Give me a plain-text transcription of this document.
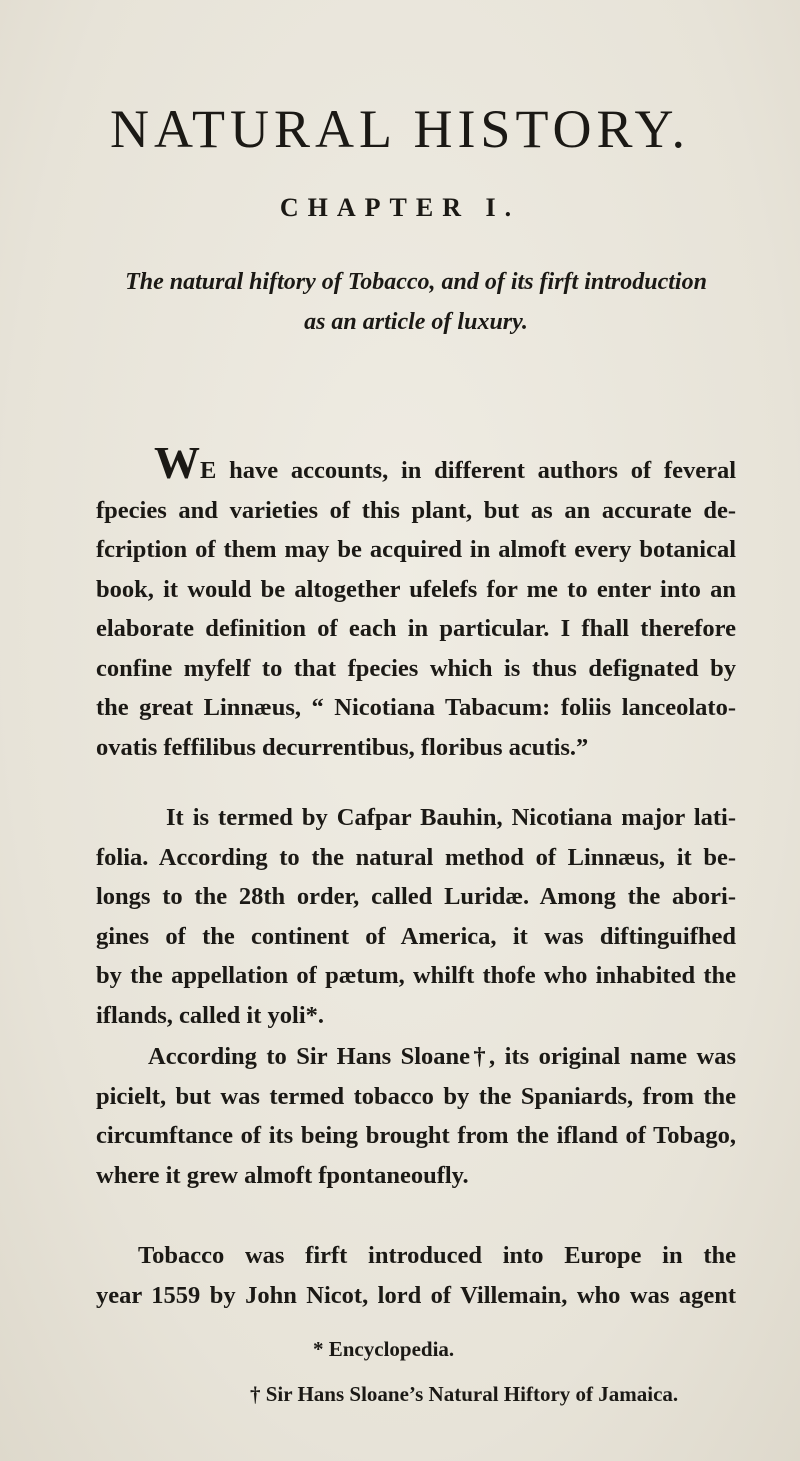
NATURAL HISTORY.
CHAPTER I.
The natural hiftory of Tobacco, and of its firft introduction
as an article of luxury.
WE have accounts, in different authors of feveral
fpecies and varieties of this plant, but as an accurate de-
fcription of them may be acquired in almoft every botanical
book, it would be altogether ufelefs for me to enter into an
elaborate definition of each in particular. I fhall therefore
confine myfelf to that fpecies which is thus defignated by
the great Linnæus, “ Nicotiana Tabacum: foliis lanceolato-
ovatis feffilibus decurrentibus, floribus acutis.”
It is termed by Cafpar Bauhin, Nicotiana major lati-
folia. According to the natural method of Linnæus, it be-
longs to the 28th order, called Luridæ. Among the abori-
gines of the continent of America, it was diftinguifhed
by the appellation of pætum, whilft thofe who inhabited the
iflands, called it yoli*.
According to Sir Hans Sloane†, its original name was
picielt, but was termed tobacco by the Spaniards, from the
circumftance of its being brought from the ifland of Tobago,
where it grew almoft fpontaneoufly.
Tobacco was firft introduced into Europe in the
year 1559 by John Nicot, lord of Villemain, who was agent

* Encyclopedia.

† Sir Hans Sloane’s Natural Hiftory of Jamaica.
